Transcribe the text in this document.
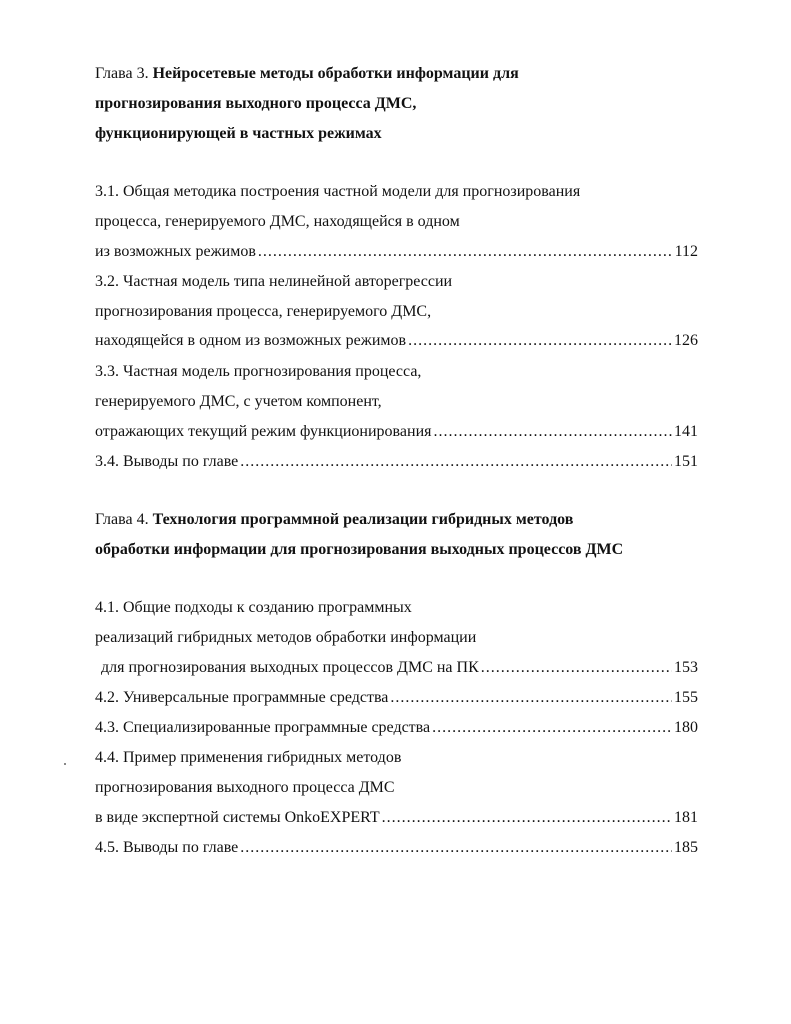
Глава 3. Нейросетевые методы обработки информации для
прогнозирования выходного процесса ДМС,
функционирующей в частных режимах
3.1. Общая методика построения частной модели для прогнозирования
процесса, генерируемого ДМС, находящейся в одном
из возможных режимов .....	112
3.2. Частная модель типа нелинейной авторегрессии
прогнозирования процесса, генерируемого ДМС,
находящейся в одном из возможных режимов .....	126
3.3. Частная модель прогнозирования процесса,
генерируемого ДМС, с учетом компонент,
отражающих текущий режим функционирования .....	141
3.4. Выводы по главе .....	151
Глава 4. Технология программной реализации гибридных методов
обработки информации для прогнозирования выходных процессов ДМС
4.1. Общие подходы к созданию программных
реализаций гибридных методов обработки информации
для прогнозирования выходных процессов ДМС на ПК .....	153
4.2. Универсальные программные средства .....	155
4.3. Специализированные программные средства .....	180
4.4. Пример применения гибридных методов
прогнозирования выходного процесса ДМС
в виде экспертной системы OnkoEXPERT .....	181
4.5. Выводы по главе .....	185
